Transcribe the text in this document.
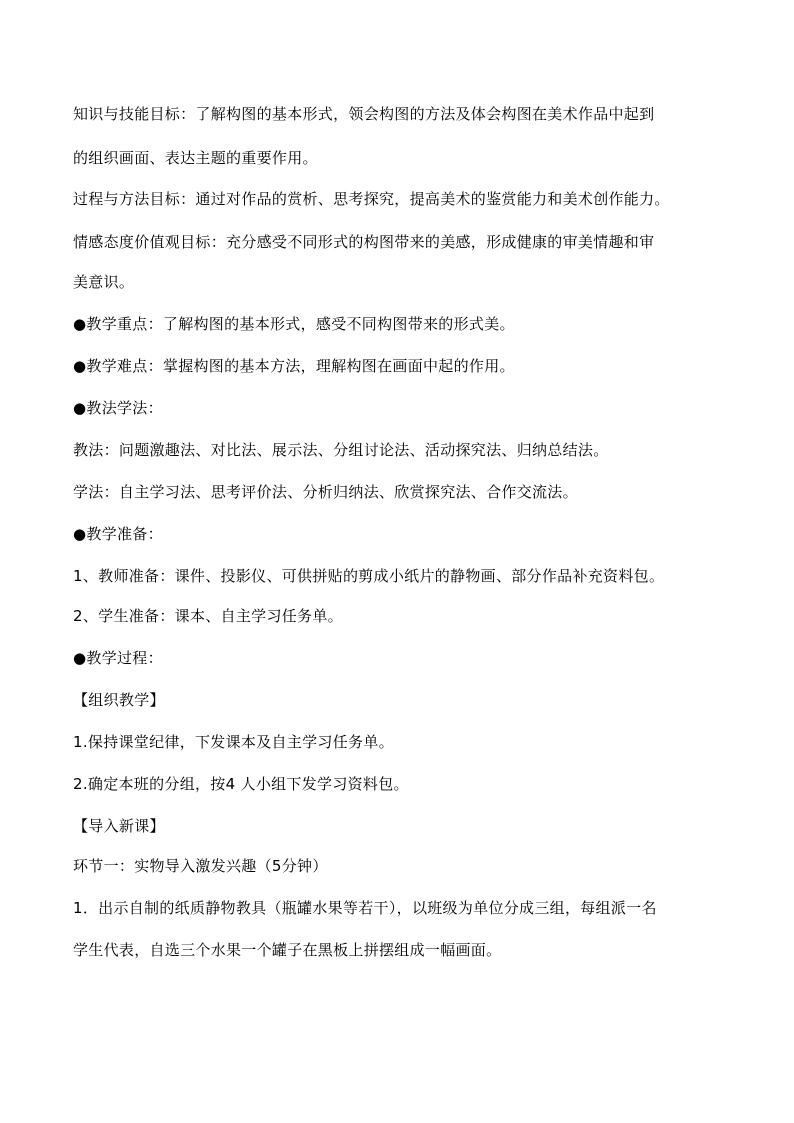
知识与技能目标：了解构图的基本形式，领会构图的方法及体会构图在美术作品中起到
的组织画面、表达主题的重要作用。
过程与方法目标：通过对作品的赏析、思考探究，提高美术的鉴赏能力和美术创作能力。
情感态度价值观目标：充分感受不同形式的构图带来的美感，形成健康的审美情趣和审
美意识。
●教学重点：了解构图的基本形式，感受不同构图带来的形式美。
●教学难点：掌握构图的基本方法，理解构图在画面中起的作用。
●教法学法：
教法：问题激趣法、对比法、展示法、分组讨论法、活动探究法、归纳总结法。
学法：自主学习法、思考评价法、分析归纳法、欣赏探究法、合作交流法。
●教学准备：
1、教师准备：课件、投影仪、可供拼贴的剪成小纸片的静物画、部分作品补充资料包。
2、学生准备：课本、自主学习任务单。
●教学过程：
【组织教学】
1.保持课堂纪律，下发课本及自主学习任务单。
2.确定本班的分组，按4 人小组下发学习资料包。
【导入新课】
环节一：实物导入激发兴趣（5分钟）
1．出示自制的纸质静物教具（瓶罐水果等若干），以班级为单位分成三组，每组派一名
学生代表，自选三个水果一个罐子在黑板上拼摆组成一幅画面。
